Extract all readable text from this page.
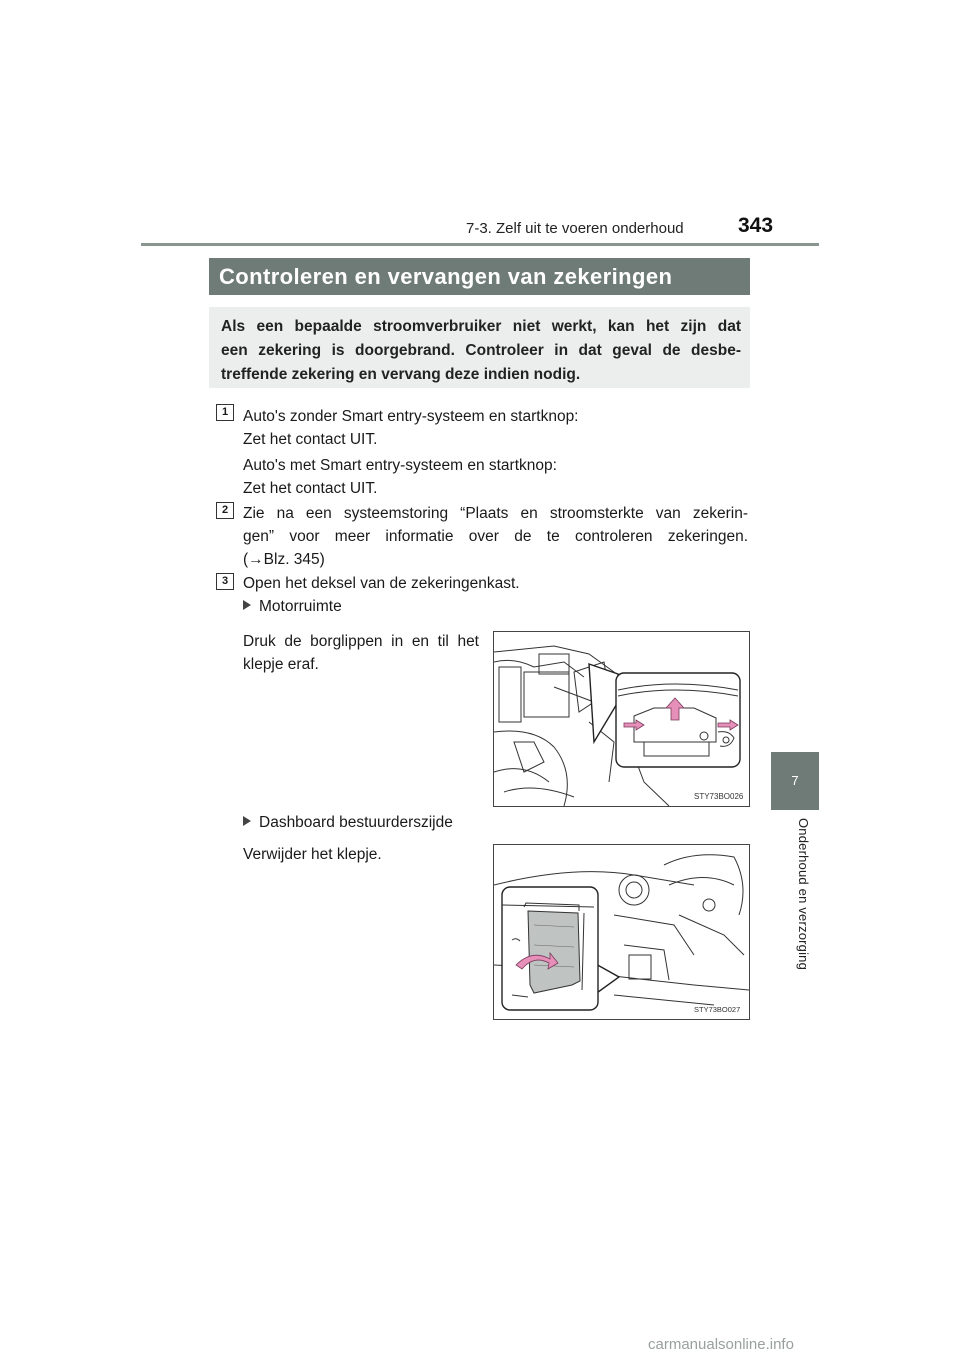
7-3. Zelf uit te voeren onderhoud	343
7
Onderhoud en verzorging
Controleren en vervangen van zekeringen
Als een bepaalde stroomverbruiker niet werkt, kan het zijn dat
een zekering is doorgebrand. Controleer in dat geval de desbe-
treffende zekering en vervang deze indien nodig.
1 Auto's zonder Smart entry-systeem en startknop:
Zet het contact UIT.
Auto's met Smart entry-systeem en startknop:
Zet het contact UIT.
2 Zie na een systeemstoring “Plaats en stroomsterkte van zekerin-
gen” voor meer informatie over de te controleren zekeringen.
(→Blz. 345)
3 Open het deksel van de zekeringenkast.
Motorruimte
Druk de borglippen in en til het
klepje eraf.
STY73BO026
Dashboard bestuurderszijde
Verwijder het klepje.
STY73BO027
carmanualsonline.info
